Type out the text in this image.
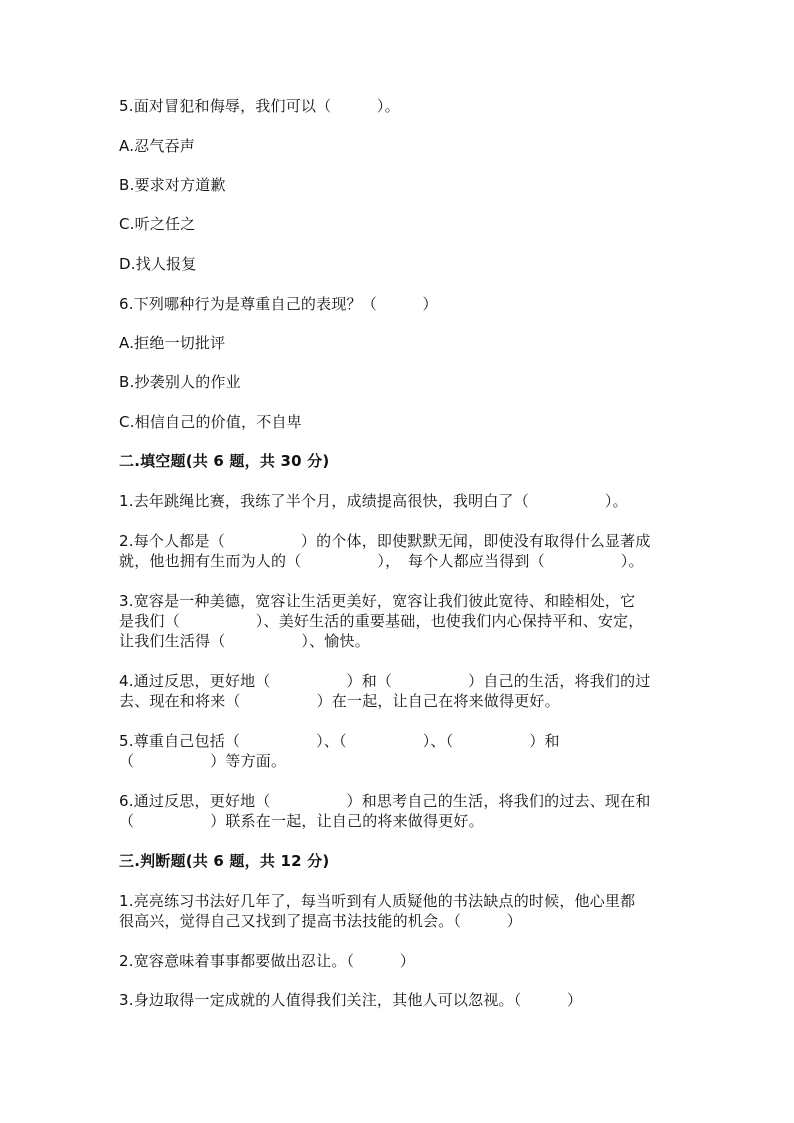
5.面对冒犯和侮辱，我们可以（　　　）。
A.忍气吞声
B.要求对方道歉
C.听之任之
D.找人报复
6.下列哪种行为是尊重自己的表现？（　　　）
A.拒绝一切批评
B.抄袭别人的作业
C.相信自己的价值，不自卑
二.填空题(共 6 题，共 30 分)
1.去年跳绳比赛，我练了半个月，成绩提高很快，我明白了（　　　　　）。
2.每个人都是（　　　　　）的个体，即使默默无闻，即使没有取得什么显著成
就，他也拥有生而为人的（　　　　　），　每个人都应当得到（　　　　　）。
3.宽容是一种美德，宽容让生活更美好，宽容让我们彼此宽待、和睦相处，它
是我们（　　　　　）、美好生活的重要基础，也使我们内心保持平和、安定，
让我们生活得（　　　　　）、愉快。
4.通过反思，更好地（　　　　　）和（　　　　　）自己的生活，将我们的过
去、现在和将来（　　　　　）在一起，让自己在将来做得更好。
5.尊重自己包括（　　　　　）、（　　　　　）、（　　　　　）和
（　　　　　）等方面。
6.通过反思，更好地（　　　　　）和思考自己的生活，将我们的过去、现在和
（　　　　　）联系在一起，让自己的将来做得更好。
三.判断题(共 6 题，共 12 分)
1.亮亮练习书法好几年了，每当听到有人质疑他的书法缺点的时候，他心里都
很高兴，觉得自己又找到了提高书法技能的机会。（　　　）
2.宽容意味着事事都要做出忍让。（　　　）
3.身边取得一定成就的人值得我们关注，其他人可以忽视。（　　　）
